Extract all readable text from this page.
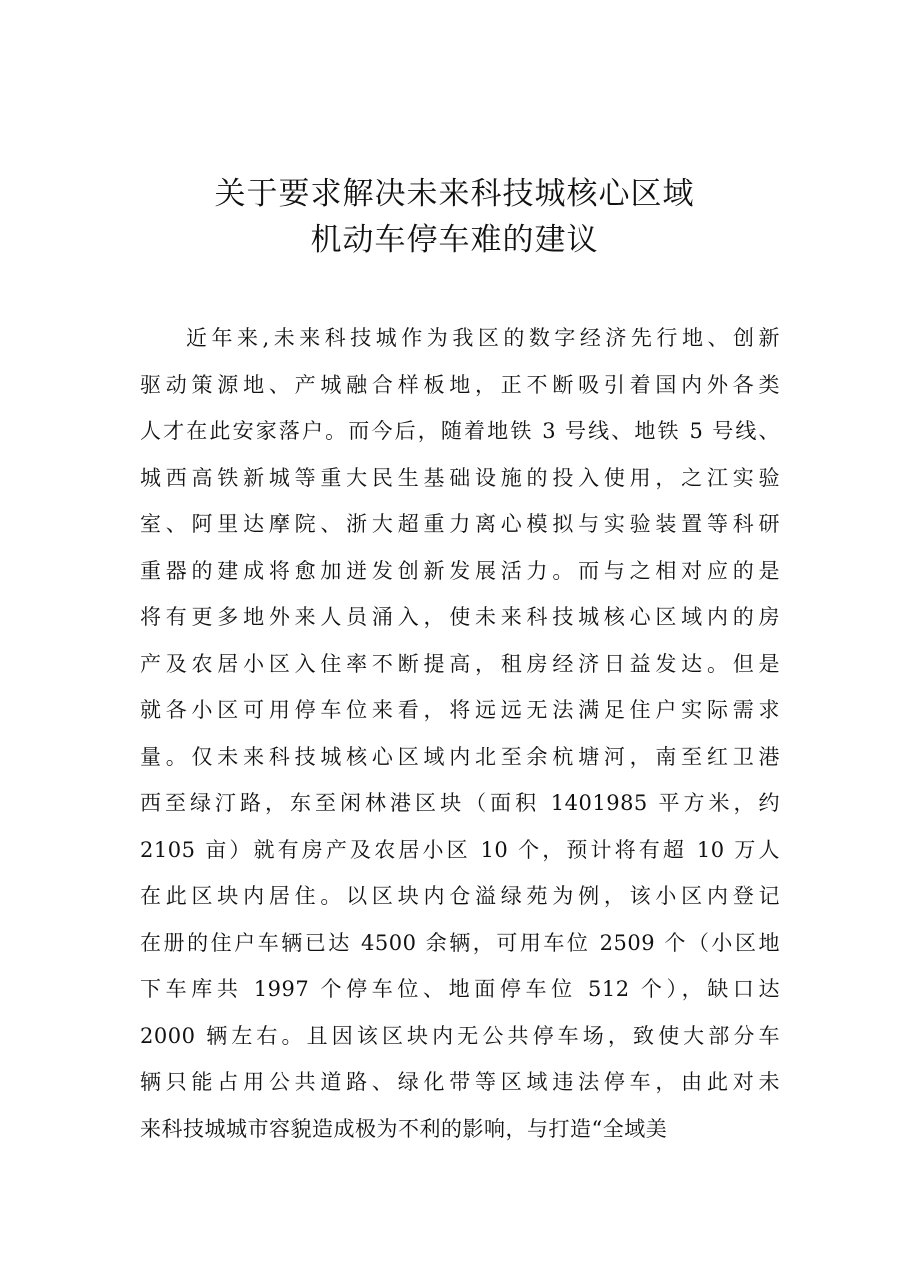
关于要求解决未来科技城核心区域
机动车停车难的建议
近年来,未来科技城作为我区的数字经济先行地、创新
驱动策源地、产城融合样板地，正不断吸引着国内外各类
人才在此安家落户。而今后，随着地铁 3 号线、地铁 5 号线、
城西高铁新城等重大民生基础设施的投入使用，之江实验
室、阿里达摩院、浙大超重力离心模拟与实验装置等科研
重器的建成将愈加迸发创新发展活力。而与之相对应的是
将有更多地外来人员涌入，使未来科技城核心区域内的房
产及农居小区入住率不断提高，租房经济日益发达。但是
就各小区可用停车位来看，将远远无法满足住户实际需求
量。仅未来科技城核心区域内北至余杭塘河，南至红卫港
西至绿汀路，东至闲林港区块（面积 1401985 平方米，约
2105 亩）就有房产及农居小区 10 个，预计将有超 10 万人
在此区块内居住。以区块内仓溢绿苑为例，该小区内登记
在册的住户车辆已达 4500 余辆，可用车位 2509 个（小区地
下车库共 1997 个停车位、地面停车位 512 个），缺口达
2000 辆左右。且因该区块内无公共停车场，致使大部分车
辆只能占用公共道路、绿化带等区域违法停车，由此对未
来科技城城市容貌造成极为不利的影响，与打造“全域美
